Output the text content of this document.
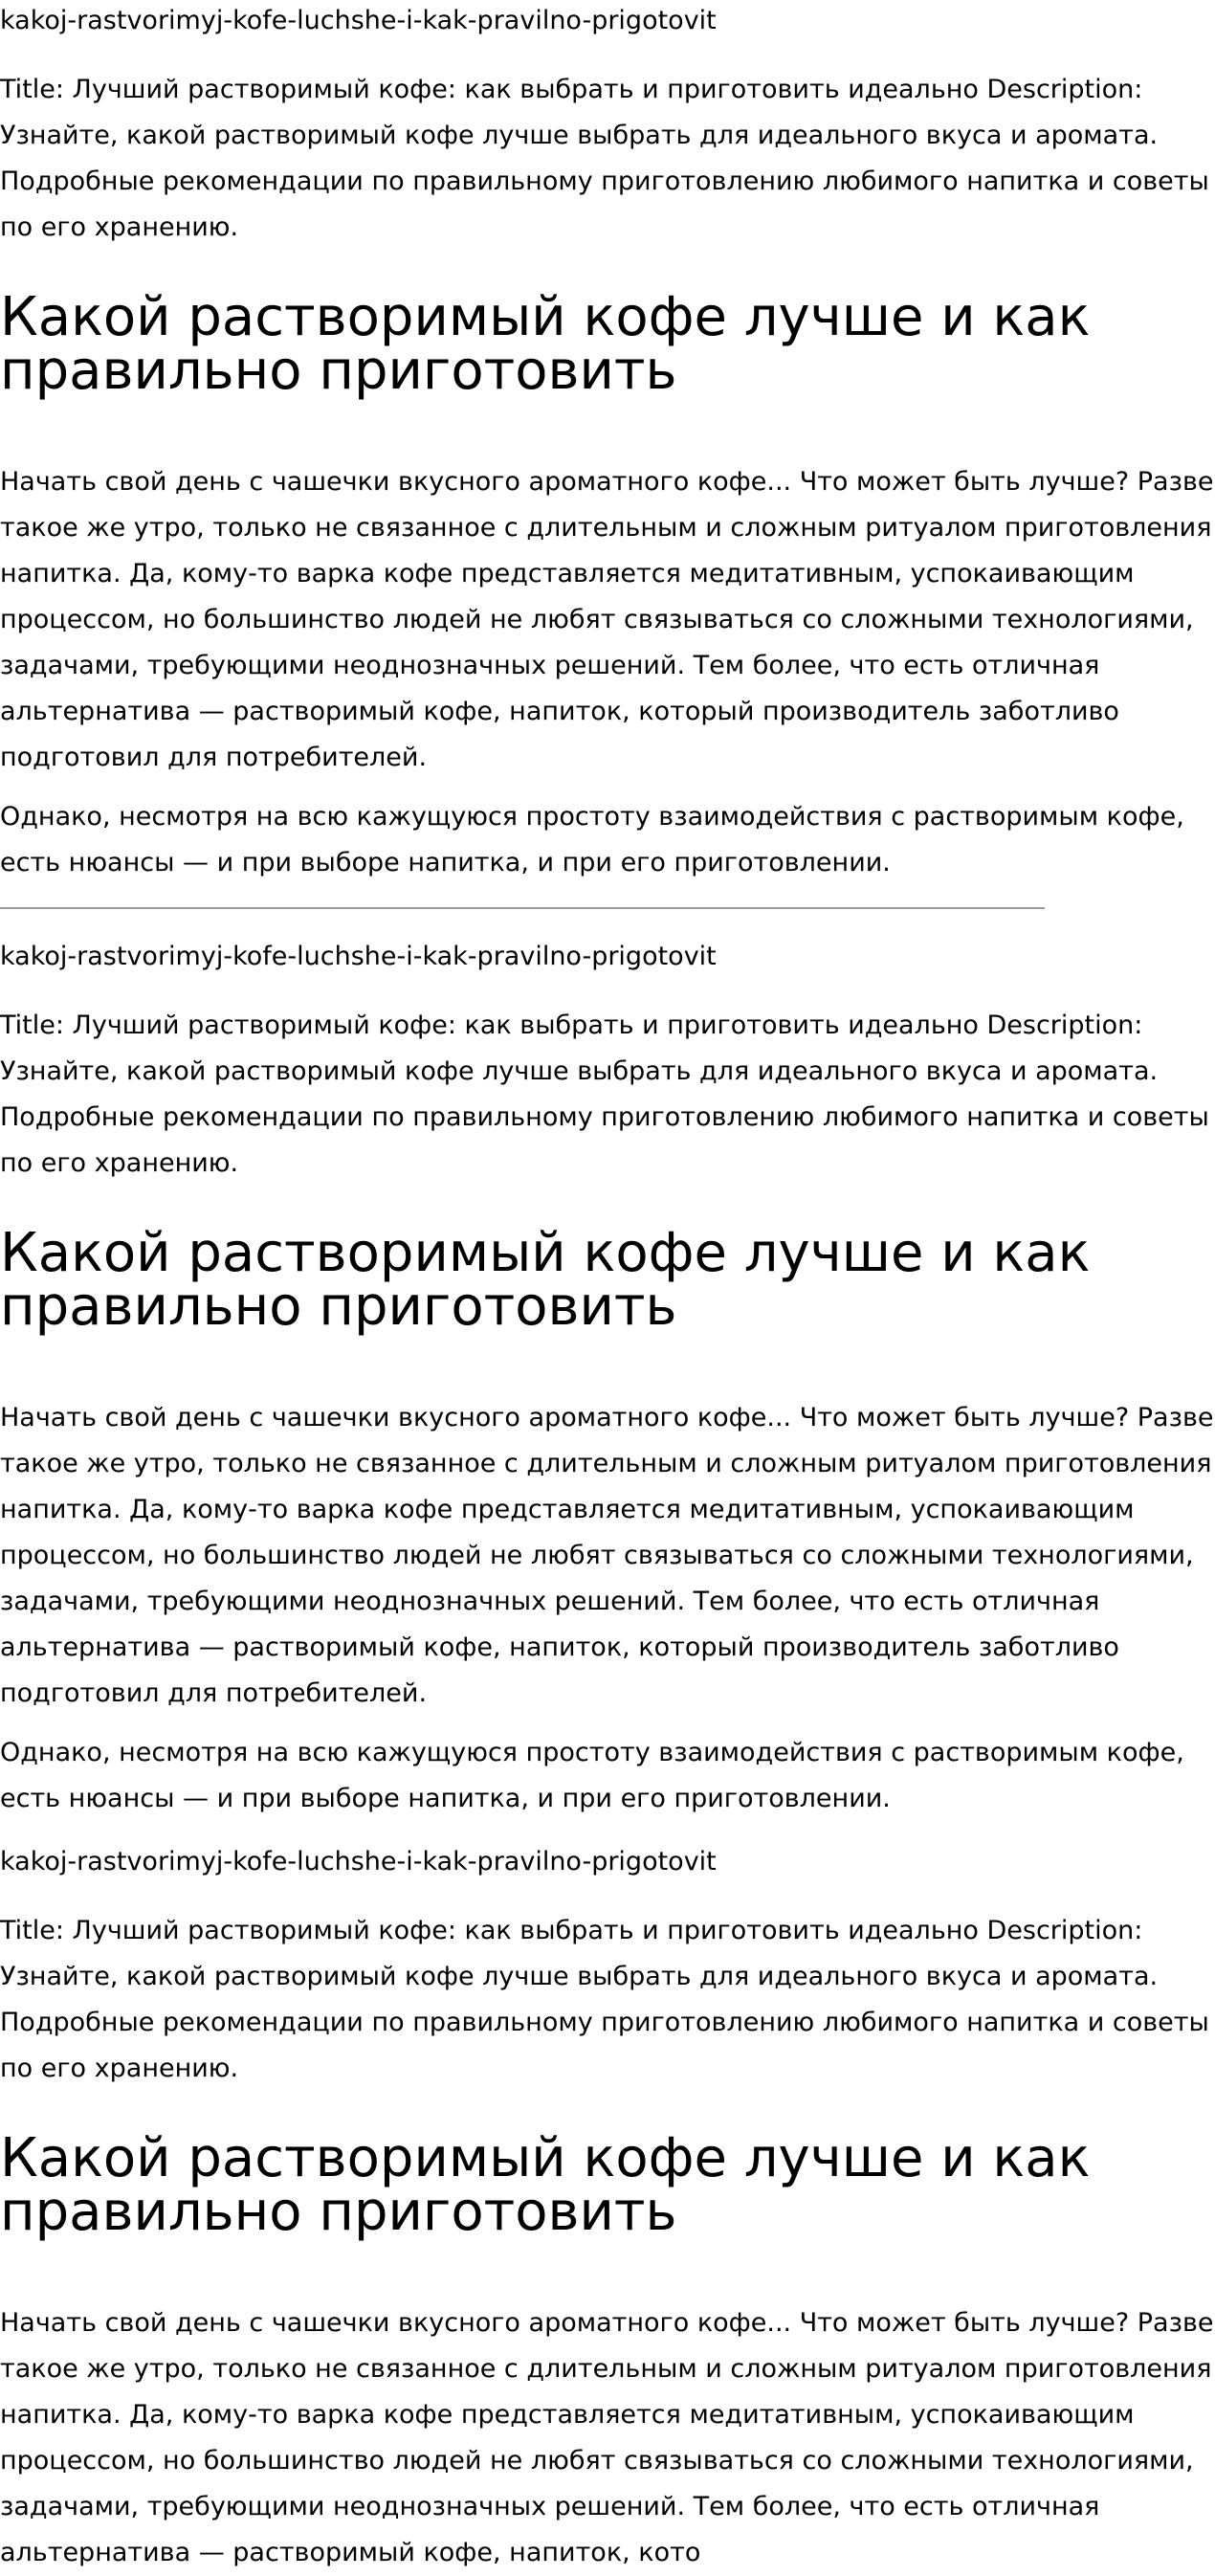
kakoj-rastvorimyj-kofe-luchshe-i-kak-pravilno-prigotovit

Title: Лучший растворимый кофе: как выбрать и приготовить идеально Description: Узнайте, какой растворимый кофе лучше выбрать для идеального вкуса и аромата. Подробные рекомендации по правильному приготовлению любимого напитка и советы по его хранению.

Какой растворимый кофе лучше и как правильно приготовить

Начать свой день с чашечки вкусного ароматного кофе... Что может быть лучше? Разве такое же утро, только не связанное с длительным и сложным ритуалом приготовления напитка. Да, кому-то варка кофе представляется медитативным, успокаивающим процессом, но большинство людей не любят связываться со сложными технологиями, задачами, требующими неоднозначных решений. Тем более, что есть отличная альтернатива — растворимый кофе, напиток, который производитель заботливо подготовил для потребителей.

Однако, несмотря на всю кажущуюся простоту взаимодействия с растворимым кофе, есть нюансы — и при выборе напитка, и при его приготовлении.

kakoj-rastvorimyj-kofe-luchshe-i-kak-pravilno-prigotovit

Title: Лучший растворимый кофе: как выбрать и приготовить идеально Description: Узнайте, какой растворимый кофе лучше выбрать для идеального вкуса и аромата. Подробные рекомендации по правильному приготовлению любимого напитка и советы по его хранению.

Какой растворимый кофе лучше и как правильно приготовить

Начать свой день с чашечки вкусного ароматного кофе... Что может быть лучше? Разве такое же утро, только не связанное с длительным и сложным ритуалом приготовления напитка. Да, кому-то варка кофе представляется медитативным, успокаивающим процессом, но большинство людей не любят связываться со сложными технологиями, задачами, требующими неоднозначных решений. Тем более, что есть отличная альтернатива — растворимый кофе, напиток, который производитель заботливо подготовил для потребителей.

Однако, несмотря на всю кажущуюся простоту взаимодействия с растворимым кофе, есть нюансы — и при выборе напитка, и при его приготовлении.

kakoj-rastvorimyj-kofe-luchshe-i-kak-pravilno-prigotovit

Title: Лучший растворимый кофе: как выбрать и приготовить идеально Description: Узнайте, какой растворимый кофе лучше выбрать для идеального вкуса и аромата. Подробные рекомендации по правильному приготовлению любимого напитка и советы по его хранению.

Какой растворимый кофе лучше и как правильно приготовить

Начать свой день с чашечки вкусного ароматного кофе... Что может быть лучше? Разве такое же утро, только не связанное с длительным и сложным ритуалом приготовления напитка. Да, кому-то варка кофе представляется медитативным, успокаивающим процессом, но большинство людей не любят связываться со сложными технологиями, задачами, требующими неоднозначных решений. Тем более, что есть отличная альтернатива — растворимый кофе, напиток, кото
